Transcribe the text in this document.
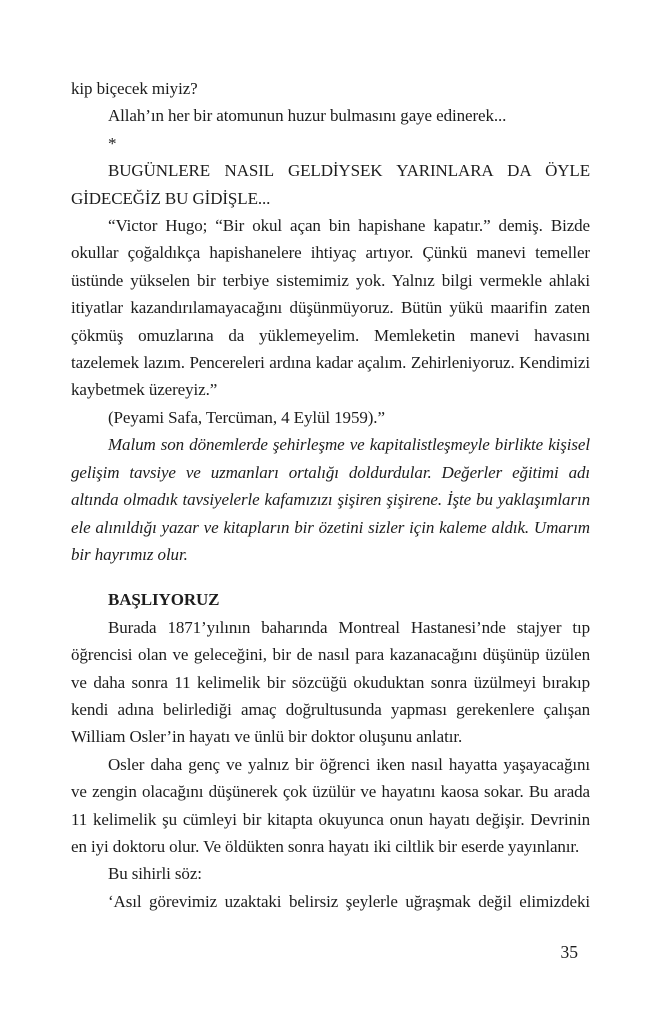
kip biçecek miyiz?

Allah’ın her bir atomunun huzur bulmasını gaye edinerek...

*

BUGÜNLERE NASIL GELDİYSEK YARINLARA DA ÖYLE GİDECEĞİZ BU GİDİŞLE...

“Victor Hugo; “Bir okul açan bin hapishane kapatır.” demiş. Bizde okullar çoğaldıkça hapishanelere ihtiyaç artıyor. Çünkü manevi temeller üstünde yükselen bir terbiye sistemimiz yok. Yalnız bilgi vermekle ahlaki itiyatlar kazandırılamayacağını düşünmüyoruz. Bütün yükü maarifin zaten çökmüş omuzlarına da yüklemeyelim. Memleketin manevi havasını tazelemek lazım. Pencereleri ardına kadar açalım. Zehirleniyoruz. Kendimizi kaybetmek üzereyiz.”

(Peyami Safa, Tercüman, 4 Eylül 1959).”

Malum son dönemlerde şehirleşme ve kapitalistleşmeyle birlikte kişisel gelişim tavsiye ve uzmanları ortalığı doldurdular. Değerler eğitimi adı altında olmadık tavsiyelerle kafamızızı şişiren şişirene. İşte bu yaklaşımların ele alınıldığı yazar ve kitapların bir özetini sizler için kaleme aldık. Umarım bir hayrımız olur.

BAŞLIYORUZ

Burada 1871’yılının baharında Montreal Hastanesi’nde stajyer tıp öğrencisi olan ve geleceğini, bir de nasıl para kazanacağını düşünüp üzülen ve daha sonra 11 kelimelik bir sözcüğü okuduktan sonra üzülmeyi bırakıp kendi adına belirlediği amaç doğrultusunda yapması gerekenlere çalışan William Osler’in hayatı ve ünlü bir doktor oluşunu anlatır.

Osler daha genç ve yalnız bir öğrenci iken nasıl hayatta yaşayacağını ve zengin olacağını düşünerek çok üzülür ve hayatını kaosa sokar. Bu arada 11 kelimelik şu cümleyi bir kitapta okuyunca onun hayatı değişir. Devrinin en iyi doktoru olur. Ve öldükten sonra hayatı iki ciltlik bir eserde yayınlanır.

Bu sihirli söz:

‘Asıl görevimiz uzaktaki belirsiz şeylerle uğraşmak değil elimizdeki

35
